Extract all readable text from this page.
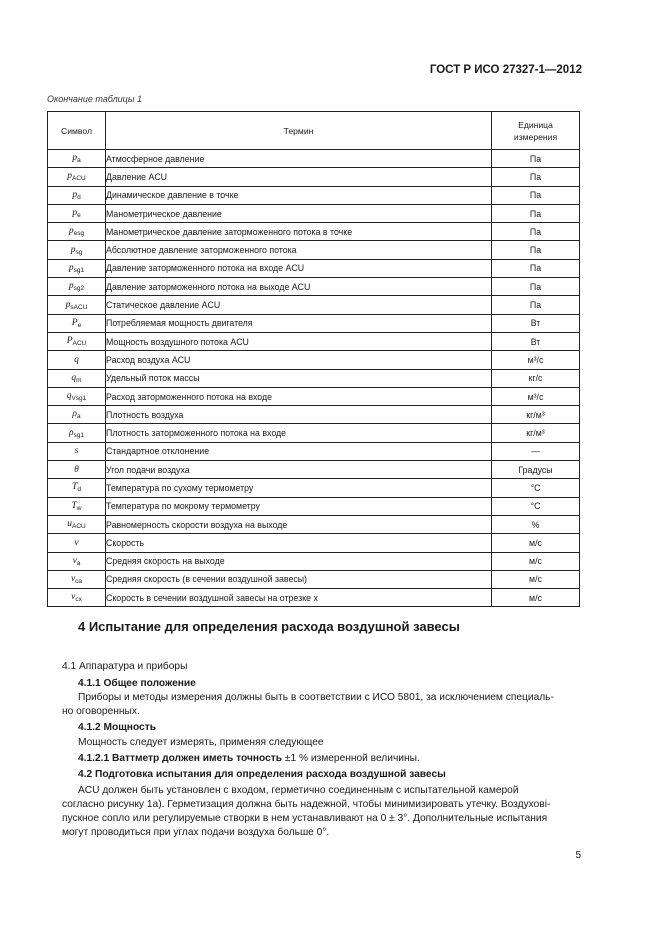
ГОСТ Р ИСО 27327-1—2012
Окончание таблицы 1
Символ	Термин	Единица
измерения

$p_a$	Атмосферное давление	Па
$p_{ACU}$	Давление ACU	Па
$p_d$	Динамическое давление в точке	Па
$p_e$	Манометрическое давление	Па
$p_{esg}$	Манометрическое давление заторможенного потока в точке	Па
$p_{sg}$	Абсолютное давление заторможенного потока	Па
$p_{sg1}$	Давление заторможенного потока на входе ACU	Па
$p_{sg2}$	Давление заторможенного потока на выходе ACU	Па
$p_{sACU}$	Статическое давление ACU	Па
$P_e$	Потребляемая мощность двигателя	Вт
$P_{ACU}$	Мощность воздушного потока ACU	Вт
q	Расход воздуха ACU	м³/с
$q_m$	Удельный поток массы	кг/с
$q_{Vsg1}$	Расход заторможенного потока на входе	м³/с
$\rho_a$	Плотность воздуха	кг/м³
$\rho_{sg1}$	Плотность заторможенного потока на входе	кг/м³
s	Стандартное отклонение	—
θ	Угол подачи воздуха	Градусы
$T_d$	Температура по сухому термометру	°С
$T_w$	Температура по мокрому термометру	°С
$u_{ACU}$	Равномерность скорости воздуха на выходе	%
v	Скорость	м/с
$v_a$	Средняя скорость на выходе	м/с
$v_{ca}$	Средняя скорость (в сечении воздушной завесы)	м/с
$v_{cx}$	Скорость в сечении воздушной завесы на отрезке x	м/с
4 Испытание для определения расхода воздушной завесы
4.1 Аппаратура и приборы
4.1.1 Общее положение
Приборы и методы измерения должны быть в соответствии с ИСО 5801, за исключением специаль-
но оговоренных.
4.1.2 Мощность
Мощность следует измерять, применяя следующее
4.1.2.1 Ваттметр должен иметь точность ±1 % измеренной величины.
4.2 Подготовка испытания для определения расхода воздушной завесы
ACU должен быть установлен с входом, герметично соединенным с испытательной камерой
согласно рисунку 1а). Герметизация должна быть надежной, чтобы минимизировать утечку. Воздухові-
пускное сопло или регулируемые створки в нем устанавливают на 0 ± 3°. Дополнительные испытания
могут проводиться при углах подачи воздуха больше 0°.
5
